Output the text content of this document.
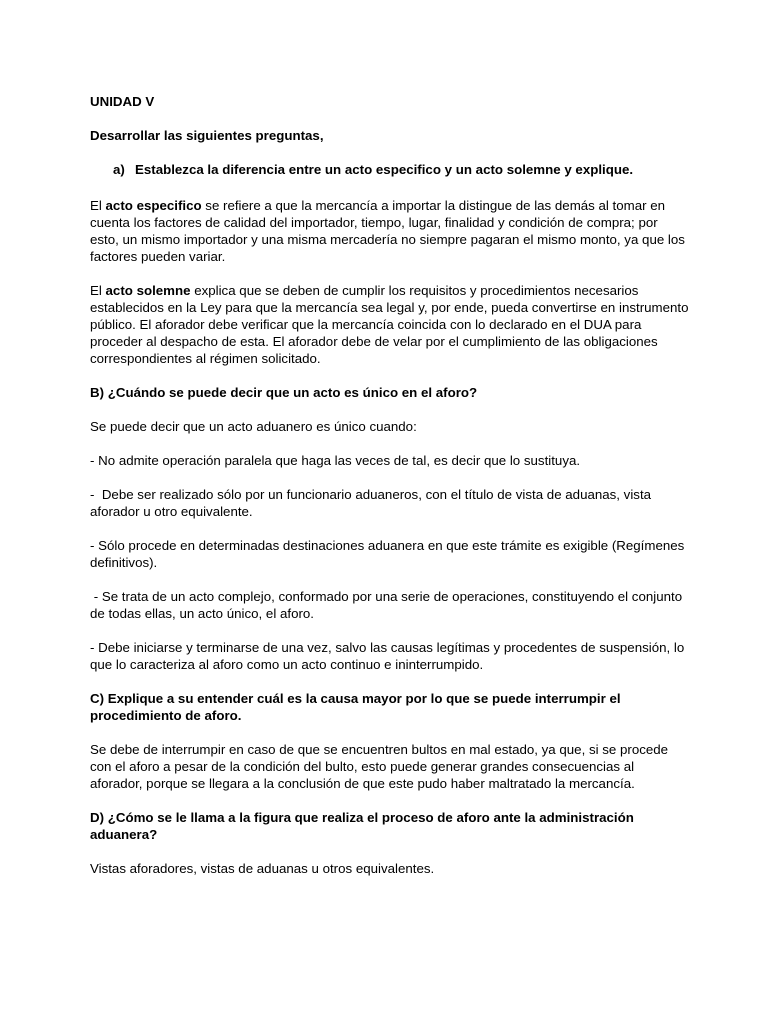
UNIDAD V

Desarrollar las siguientes preguntas,

a) Establezca la diferencia entre un acto especifico y un acto solemne y explique.

El acto especifico se refiere a que la mercancía a importar la distingue de las demás al tomar en cuenta los factores de calidad del importador, tiempo, lugar, finalidad y condición de compra; por esto, un mismo importador y una misma mercadería no siempre pagaran el mismo monto, ya que los factores pueden variar.

El acto solemne explica que se deben de cumplir los requisitos y procedimientos necesarios establecidos en la Ley para que la mercancía sea legal y, por ende, pueda convertirse en instrumento público. El aforador debe verificar que la mercancía coincida con lo declarado en el DUA para proceder al despacho de esta. El aforador debe de velar por el cumplimiento de las obligaciones correspondientes al régimen solicitado.

B) ¿Cuándo se puede decir que un acto es único en el aforo?

Se puede decir que un acto aduanero es único cuando:

- No admite operación paralela que haga las veces de tal, es decir que lo sustituya.

-  Debe ser realizado sólo por un funcionario aduaneros, con el título de vista de aduanas, vista aforador u otro equivalente.

- Sólo procede en determinadas destinaciones aduanera en que este trámite es exigible (Regímenes definitivos).

- Se trata de un acto complejo, conformado por una serie de operaciones, constituyendo el conjunto de todas ellas, un acto único, el aforo.

- Debe iniciarse y terminarse de una vez, salvo las causas legítimas y procedentes de suspensión, lo que lo caracteriza al aforo como un acto continuo e ininterrumpido.

C) Explique a su entender cuál es la causa mayor por lo que se puede interrumpir el procedimiento de aforo.

Se debe de interrumpir en caso de que se encuentren bultos en mal estado, ya que, si se procede con el aforo a pesar de la condición del bulto, esto puede generar grandes consecuencias al aforador, porque se llegara a la conclusión de que este pudo haber maltratado la mercancía.

D) ¿Cómo se le llama a la figura que realiza el proceso de aforo ante la administración aduanera?

Vistas aforadores, vistas de aduanas u otros equivalentes.
